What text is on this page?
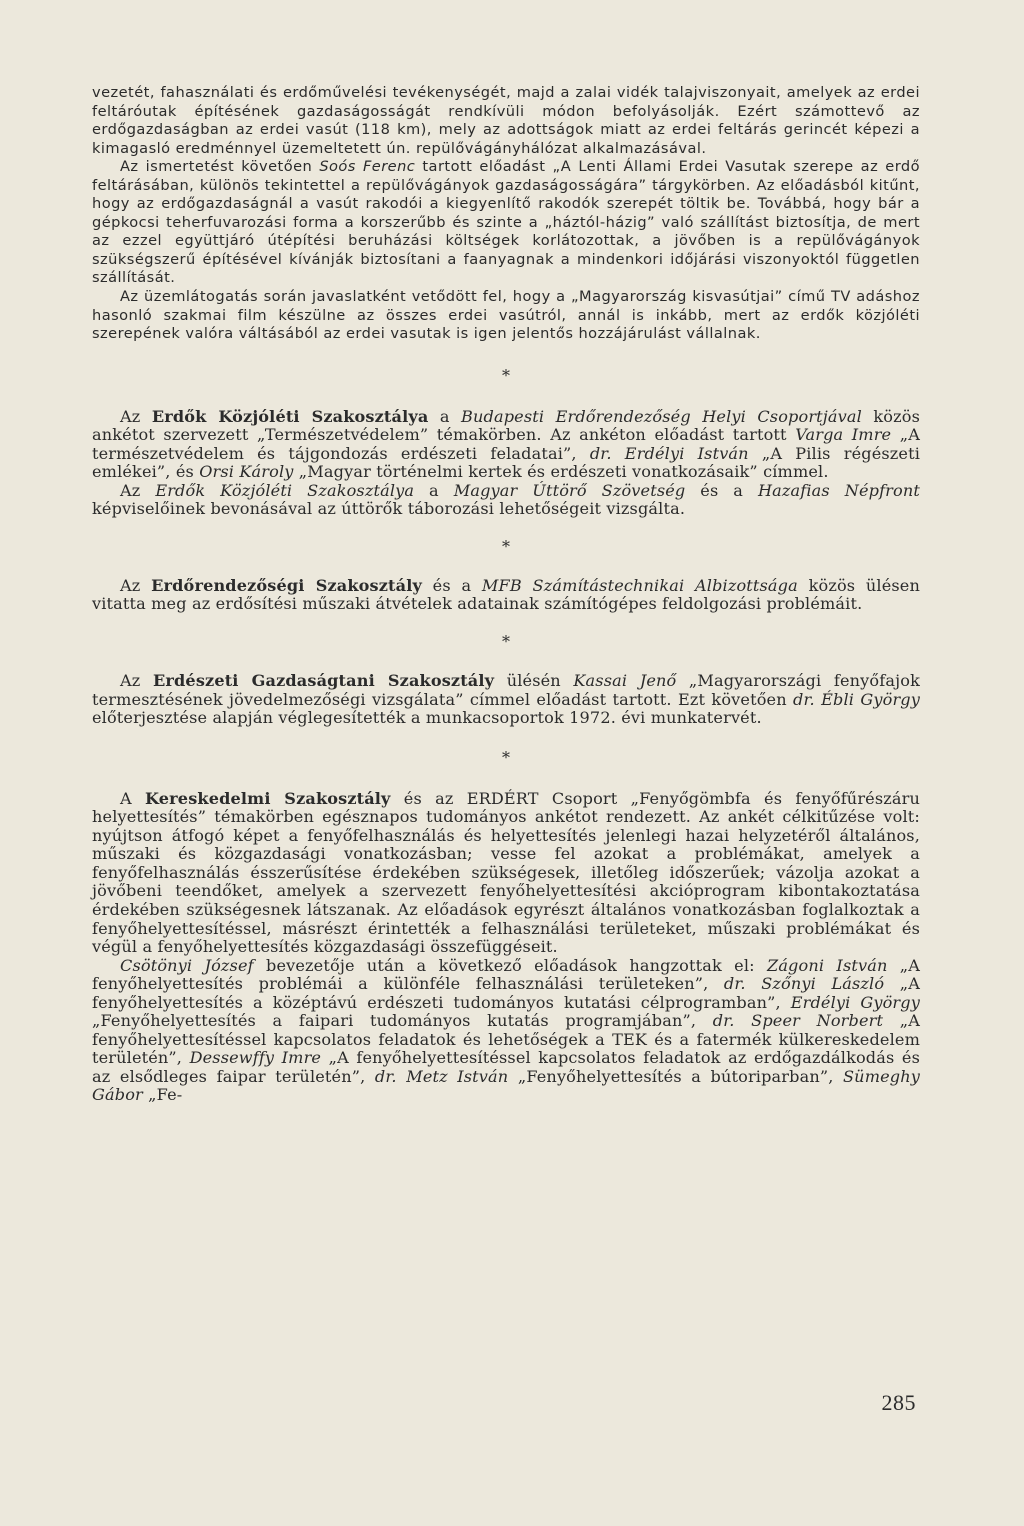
vezetét, fahasználati és erdőművelési tevékenységét, majd a zalai vidék talajviszonyait, amelyek az erdei feltáróutak építésének gazdaságosságát rendkívüli módon befolyásolják. Ezért számottevő az erdőgazdaságban az erdei vasút (118 km), mely az adottságok miatt az erdei feltárás gerincét képezi a kimagasló eredménnyel üzemeltetett ún. repülővágányhálózat alkalmazásával.

Az ismertetést követően Soós Ferenc tartott előadást „A Lenti Állami Erdei Vasutak szerepe az erdő feltárásában, különös tekintettel a repülővágányok gazdaságosságára” tárgykörben. Az előadásból kitűnt, hogy az erdőgazdaságnál a vasút rakodói a kiegyenlítő rakodók szerepét töltik be. Továbbá, hogy bár a gépkocsi teherfuvarozási forma a korszerűbb és szinte a „háztól-házig” való szállítást biztosítja, de mert az ezzel együttjáró útépítési beruházási költségek korlátozottak, a jövőben is a repülővágányok szükségszerű építésével kívánják biztosítani a faanyagnak a mindenkori időjárási viszonyoktól független szállítását.

Az üzemlátogatás során javaslatként vetődött fel, hogy a „Magyarország kisvasútjai” című TV adáshoz hasonló szakmai film készülne az összes erdei vasútról, annál is inkább, mert az erdők közjóléti szerepének valóra váltásából az erdei vasutak is igen jelentős hozzájárulást vállalnak.

*

Az Erdők Közjóléti Szakosztálya a Budapesti Erdőrendezőség Helyi Csoportjával közös ankétot szervezett „Természetvédelem” témakörben. Az ankéton előadást tartott Varga Imre „A természetvédelem és tájgondozás erdészeti feladatai”, dr. Erdélyi István „A Pilis régészeti emlékei”, és Orsi Károly „Magyar történelmi kertek és erdészeti vonatkozásaik” címmel.

Az Erdők Közjóléti Szakosztálya a Magyar Úttörő Szövetség és a Hazafias Népfront képviselőinek bevonásával az úttörők táborozási lehetőségeit vizsgálta.

*

Az Erdőrendezőségi Szakosztály és a MFB Számítástechnikai Albizottsága közös ülésen vitatta meg az erdősítési műszaki átvételek adatainak számítógépes feldolgozási problémáit.

*

Az Erdészeti Gazdaságtani Szakosztály ülésén Kassai Jenő „Magyarországi fenyőfajok termesztésének jövedelmezőségi vizsgálata” címmel előadást tartott. Ezt követően dr. Ébli György előterjesztése alapján véglegesítették a munkacsoportok 1972. évi munkatervét.

*

A Kereskedelmi Szakosztály és az ERDÉRT Csoport „Fenyőgömbfa és fenyőfűrészáru helyettesítés” témakörben egésznapos tudományos ankétot rendezett. Az ankét célkitűzése volt: nyújtson átfogó képet a fenyőfelhasználás és helyettesítés jelenlegi hazai helyzetéről általános, műszaki és közgazdasági vonatkozásban; vesse fel azokat a problémákat, amelyek a fenyőfelhasználás ésszerűsítése érdekében szükségesek, illetőleg időszerűek; vázolja azokat a jövőbeni teendőket, amelyek a szervezett fenyőhelyettesítési akcióprogram kibontakoztatása érdekében szükségesnek látszanak. Az előadások egyrészt általános vonatkozásban foglalkoztak a fenyőhelyettesítéssel, másrészt érintették a felhasználási területeket, műszaki problémákat és végül a fenyőhelyettesítés közgazdasági összefüggéseit.

Csötönyi József bevezetője után a következő előadások hangzottak el: Zágoni István „A fenyőhelyettesítés problémái a különféle felhasználási területeken”, dr. Szőnyi László „A fenyőhelyettesítés a középtávú erdészeti tudományos kutatási célprogramban”, Erdélyi György „Fenyőhelyettesítés a faipari tudományos kutatás programjában”, dr. Speer Norbert „A fenyőhelyettesítéssel kapcsolatos feladatok és lehetőségek a TEK és a fatermék külkereskedelem területén”, Dessewffy Imre „A fenyőhelyettesítéssel kapcsolatos feladatok az erdőgazdálkodás és az elsődleges faipar területén”, dr. Metz István „Fenyőhelyettesítés a bútoriparban”, Sümeghy Gábor „Fe-

285
